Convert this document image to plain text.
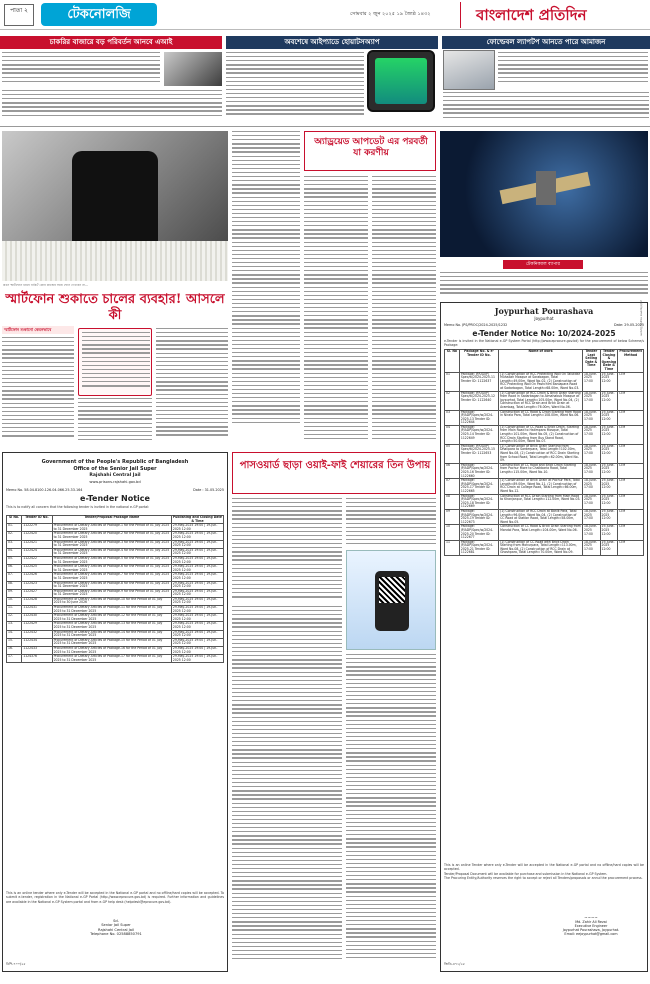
পাতা ২	টেকনোলজি	সোমবার ২ জুন ২০২৫ ১৯ জ্যৈষ্ঠ ১৪৩২	বাংলাদেশ প্রতিদিন
চাকরির বাজারে বড় পরিবর্তন আনবে এআই	অবশেষে আইপ্যাডে হোয়াটসঅ্যাপ	ফোল্ডেবল ল্যাপটপ আনতে পারে আমাজন
কখন স্মার্টফোন ধরবে নাকি? কোন কাজের সময় ফোন দেখবেন না...
স্মার্টফোন শুকাতে চালের ব্যবহার! আসলে কী
স্মার্টফোন শুকানো কেমনভাবে
অ্যাড্রয়েড আপডেট এর পরবর্তী যা করণীয়
টেকনিক্যাল ব্যাপার
Joypurhat Pourashava
Joypurhat
Memo No. JPS/PROC/2024-2025/1232	Date: 29-05-2025
e-Tender Notice No: 10/2024-2025
e-Tender is invited in the National e-GP System Portal (http://www.eprocure.gov.bd) for the procurement of below Scheme/s Package:
Sl. No	Package No. & e-Tender ID No.	Name of work	Tender Last Selling Date & Time	Tender Closing & Opening Date & Time	Procurement Method
01	Package: JP/UGIIP/ Spec/w/2024-2025-11 Tender ID: 1122637	(1) Construction of RCC Protecting Wall On Talukdar Muhallah Mosque at Sarabagan, Total Length=49.00m, Ward No-02, (2) Construction of RCC Protecting Wall On Pashchim Baniapara Road at Sadarbagan, Total Length=68.00m, Ward No-03.	18-June-2025 17:00	19-June-2025 12:00	LTM
02	Package: JP/UGIIP/ Spec/w/2024-2025-12 Tender ID: 1122640	(1) Construction of RCC Drain & Brick Drain Starting from Road in Sadarbagan to Almahabub Mosque at Joypurhat, Total Length=105.00m, Ward No-04, (2) Construction of RCC Drain and Brick Drain at Arambag, Total Length=76.00m, Ward No-06.	18-June-2025 17:00	19-June-2025 12:00	LTM
03	Package: JP/ADP/Spec/w/2024-2025-13 Tender ID: 1122644	Construction of CC Road & Drain Starting from Road in Nirala Para, Total Length=108.00m, Ward No-06.	18-June-2025 17:00	19-June-2025 12:00	LTM
04	Package: JP/ADP/Spec/w/2024-2025-14 Tender ID: 1122649	(1) Construction of CC Road & Brick Drain, Starting from Main Road to Hatimpara Mosque, Total Length=101.00m, Ward No-05, (2) Construction of RCC Drain Starting from Bus Stand Road, Length=50.00m, Ward No-07.	18-June-2025 17:00	19-June-2025 12:00	LTM
05	Package: JP/UGIIP/ Spec/w/2024-2025-15 Tender ID: 1122653	(1) Construction of Brick Drain Starting from Dhalipara to Sarderpara, Total Length=102.00m, Ward No-08, (2) Construction of RCC Drain Starting from School Road, Total Length=62.00m, Ward No-09.	18-June-2025 17:00	19-June-2025 12:00	LTM
06	Package: JP/ADP/Spec/w/2024-2025-16 Tender ID: 1122660	Construction of CC Road and Brick Drain Starting from Pachur More to Chalkbaria Road, Total Length=115.00m, Ward No-10.	18-June-2025 17:00	19-June-2025 12:00	LTM
07	Package: JP/ADP/Spec/w/2024-2025-17 Tender ID: 1122665	(1) Construction of Brick Drain at Pachur Para, Total Length=89.00m, Ward No-11, (2) Construction of RCC Drain at College Road, Total Length=66.00m, Ward No-12.	18-June-2025 17:00	19-June-2025 12:00	LTM
08	Package: JP/ADP/Spec/w/2024-2025-18 Tender ID: 1122669	Construction of RCC Drain Starting from Main Road to Khanjanpur, Total Length=112.00m, Ward No-03.	18-June-2025 17:00	19-June-2025 12:00	LTM
09	Package: JP/ADP/Spec/w/2024-2025-19 Tender ID: 1122673	(1) Construction of RCC Drain at Banik Para, Total Length=96.00m, Ward No-04, (2) Construction of CC Road at Station Road, Total Length=58.00m, Ward No-05.	18-June-2025 17:00	19-June-2025 12:00	LTM
10	Package: JP/ADP/Spec/w/2024-2025-20 Tender ID: 1122677	Construction of CC Road & Brick Drain Starting from Mondol Para, Total Length=104.00m, Ward No-06.	18-June-2025 17:00	19-June-2025 12:00	LTM
11	Package: JP/ADP/Spec/w/2024-2025-21 Tender ID: 1122681	(1) Construction of CC Road with Brick Drain Starting from Mohurpara, Total Length=113.00m, Ward No-08, (2) Construction of RCC Drain at Ghoshpara, Total Length=70.00m, Ward No-09.	18-June-2025 17:00	19-June-2025 12:00	LTM
This is an online Tender where only e-Tender will be accepted in the National e-GP portal and no offline/hard copies will be accepted.
Tender/Proposal Document will be available for purchase and submission in the National e-GP System.
The Procuring Entity/Authority reserves the right to accept or reject all Tenders/proposals or annul the procurement process.
~~~~
Md. Zahir Ali Rezai
Executive Engineer
Joypurhat Pourashava, Joypurhat.
Email: eejoypurhat@gmail.com
জিডি-৪৭১/২৫
ভেরিফিকেশন সংক্রান্ত উদ্দেশ্যে
Government of the People's Republic of Bangladesh
Office of the Senior Jail Super
Rajshahi Central Jail
www.prisons.rajshahi.gov.bd
Memo No. 58.04.8100.126.04.066.25.33.164	Date : 31.05.2025
e-Tender Notice
This is to notify all concern that the following tender is invited in the national e-GP portal:
Sl No.	Tender ID No.	Tender/Proposal Package Name	Publishing and Closing Date & Time
01.	1122279	Procurement of Dietary Articles of Package-1 for the Period of 01 July 2025 to 31 December 2025	29-May-2025 19:00 | 19-Jun-2025 12:00
02.	1122420	Procurement of Dietary Articles of Package-2 for the Period of 01 July 2025 to 31 December 2025	29-May-2025 19:00 | 19-Jun-2025 12:00
03.	1122421	Procurement of Dietary Articles of Package-3 for the Period of 01 July 2025 to 31 December 2025	29-May-2025 19:00 | 19-Jun-2025 12:00
04.	1122424	Procurement of Dietary Articles of Package-4 for the Period of 01 July 2025 to 31 December 2025	29-May-2025 19:00 | 19-Jun-2025 12:00
05.	1122422	Procurement of Dietary Articles of Package-5 for the Period of 01 July 2025 to 31 December 2025	29-May-2025 19:00 | 19-Jun-2025 12:00
06.	1122425	Procurement of Dietary Articles of Package-6 for the Period of 01 July 2025 to 31 December 2025	29-May-2025 19:00 | 19-Jun-2025 12:00
07.	1122426	Procurement of Dietary Articles of Package-7 for the Period of 01 July 2025 to 31 December 2025	29-May-2025 19:00 | 19-Jun-2025 12:00
08.	1122423	Procurement of Dietary Articles of Package-8 for the Period of 01 July 2025 to 31 December 2025	29-May-2025 19:00 | 19-Jun-2025 12:00
09.	1122427	Procurement of Dietary Articles of Package-9 for the Period of 01 July 2025 to 31 December 2025	29-May-2025 19:00 | 19-Jun-2025 12:00
10.	1122428	Procurement of Dietary Articles of Package-10 for the Period of 01 July 2025 to 30 June 2026	29-May-2025 19:00 | 19-Jun-2025 12:00
11.	1122431	Procurement of Dietary Articles of Package-11 for the Period of 01 July 2025 to 31 December 2025	29-May-2025 19:00 | 19-Jun-2025 12:00
12.	1122430	Procurement of Dietary Articles of Package-12 for the Period of 01 July 2025 to 31 December 2025	29-May-2025 19:00 | 19-Jun-2025 12:00
13.	1122429	Procurement of Dietary Articles of Package-13 for the Period of 01 July 2025 to 31 December 2025	29-May-2025 19:00 | 19-Jun-2025 12:00
14.	1122432	Procurement of Dietary Articles of Package-14 for the Period of 01 July 2025 to 31 December 2025	29-May-2025 19:00 | 19-Jun-2025 12:00
15.	1122434	Procurement of Dietary Articles of Package-15 for the Period of 01 July 2025 to 31 December 2025	29-May-2025 19:00 | 19-Jun-2025 12:00
16.	1122433	Procurement of Dietary Articles of Package-16 for the Period of 01 July 2025 to 31 December 2025	29-May-2025 19:00 | 19-Jun-2025 12:00
17.	1124376	Procurement of Dietary Articles of Package-17 for the Period of 01 July 2025 to 31 December 2025	29-May-2025 19:00 | 19-Jun-2025 12:00
This is an online tender where only e-Tender will be accepted in the National e-GP portal and no offline/hard copies will be accepted. To submit e-tender, registration in the National e-GP Portal (http://www.eprocure.gov.bd) is required. Further information and guidelines are available in the National e-GP System portal and from e-GP help desk (helpdesk@eprocure.gov.bd).
Sd.
Senior Jail Super
Rajshahi Central Jail
Telephone No. 02588850791
বিপি-৭০০/২৫
পাসওয়ার্ড ছাড়া ওয়াই-ফাই শেয়ারের তিন উপায়
